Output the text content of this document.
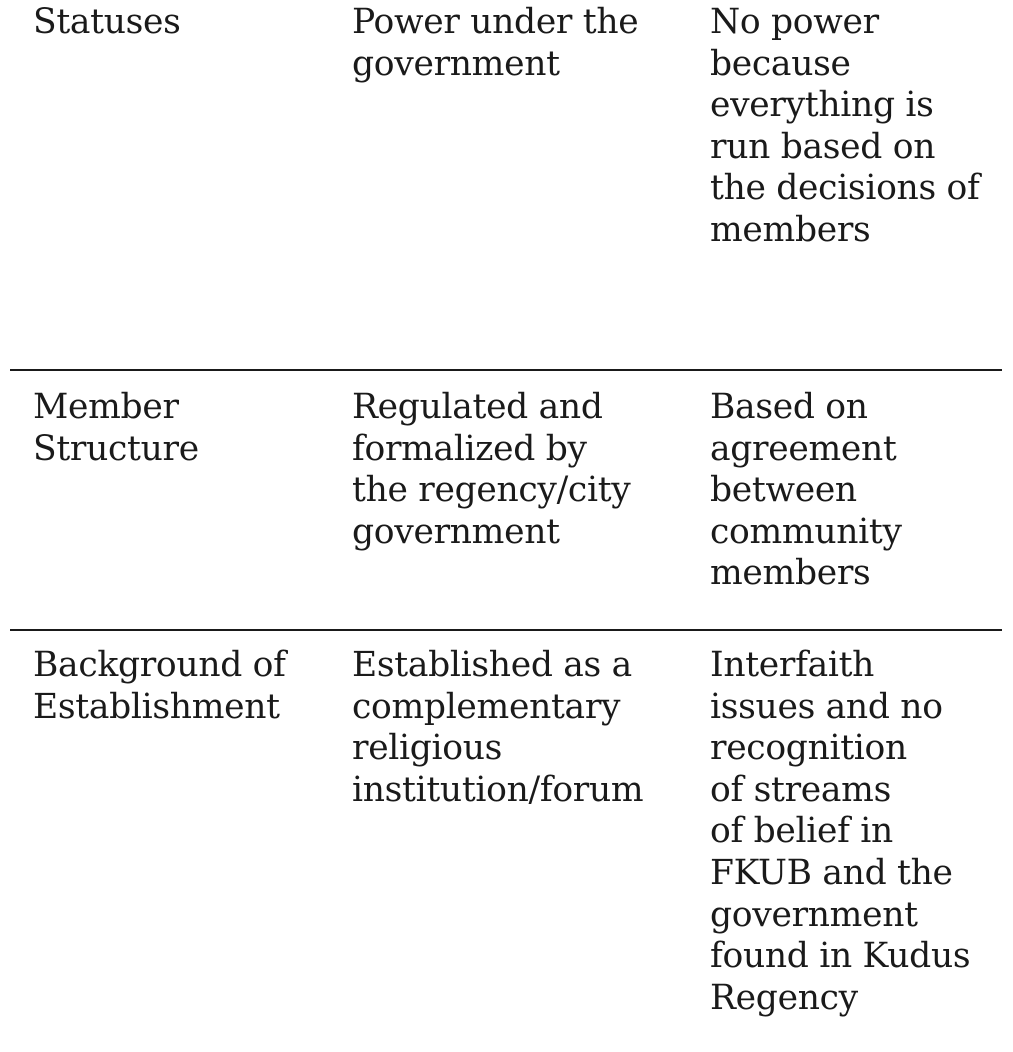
Statuses	Power under the
government
No power
because
everything is
run based on
the decisions of
members
Member
Structure
Regulated and
formalized by
the regency/city
government
Based on
agreement
between
community
members
Background of
Establishment
Established as a
complementary
religious
institution/forum
Interfaith
issues and no
recognition
of streams
of belief in
FKUB and the
government
found in Kudus
Regency
